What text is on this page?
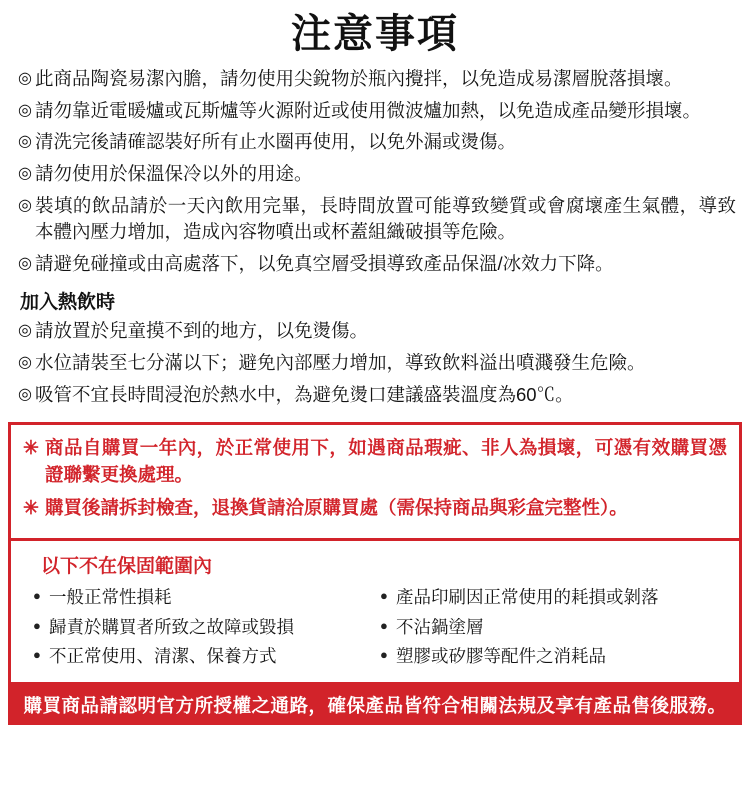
注意事項
◎ 此商品陶瓷易潔內膽，請勿使用尖銳物於瓶內攪拌，以免造成易潔層脫落損壞。
◎ 請勿靠近電暖爐或瓦斯爐等火源附近或使用微波爐加熱，以免造成產品變形損壞。
◎ 清洗完後請確認裝好所有止水圈再使用，以免外漏或燙傷。
◎ 請勿使用於保溫保冷以外的用途。
◎ 裝填的飲品請於一天內飲用完畢，長時間放置可能導致變質或會腐壞產生氣體，導致本體內壓力增加，造成內容物噴出或杯蓋組織破損等危險。
◎ 請避免碰撞或由高處落下，以免真空層受損導致產品保溫/冰效力下降。
加入熱飲時
◎ 請放置於兒童摸不到的地方，以免燙傷。
◎ 水位請裝至七分滿以下；避免內部壓力增加，導致飲料溢出噴濺發生危險。
◎ 吸管不宜長時間浸泡於熱水中，為避免燙口建議盛裝溫度為60℃。
✳ 商品自購買一年內，於正常使用下，如遇商品瑕疵、非人為損壞，可憑有效購買憑證聯繫更換處理。
✳ 購買後請拆封檢查，退換貨請洽原購買處（需保持商品與彩盒完整性）。
以下不在保固範圍內
● 一般正常性損耗
● 歸責於購買者所致之故障或毀損
● 不正常使用、清潔、保養方式
● 產品印刷因正常使用的耗損或剝落
● 不沾鍋塗層
● 塑膠或矽膠等配件之消耗品
購買商品請認明官方所授權之通路，確保產品皆符合相關法規及享有產品售後服務。
